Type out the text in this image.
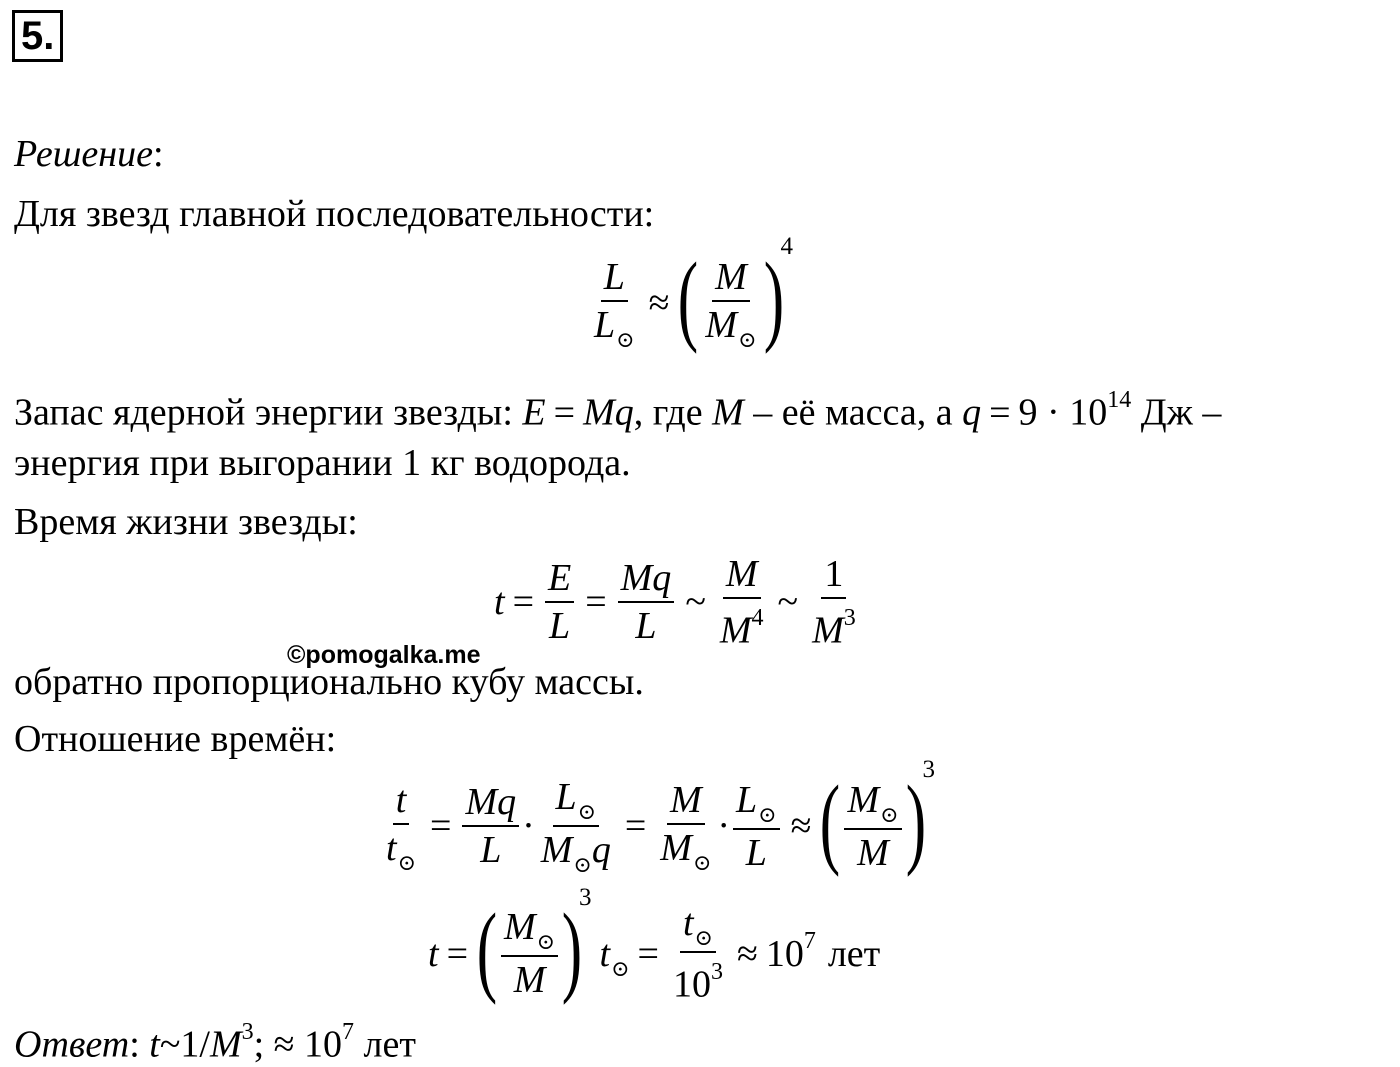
5.
Решение:
Для звезд главной последовательности:
$\frac{L}{L_⊙}$ ≈ ( $\frac{M}{M_⊙}$ )
$^4$
Запас ядерной энергии звезды: E = Mq, где M – её масса, а $q = 9 \cdot 10^{14}$ Дж –
энергия при выгорании 1 кг водорода.
Время жизни звезды:
$t = \frac{E}{L} = \frac{Mq}{L}$ ~ $\frac{M}{M^4}$ ~ $\frac{1}{M^3}$
©pomogalka.me
обратно пропорционально кубу массы.
Отношение времён:
$\frac{t}{t_⊙} = \frac{Mq}{L} \cdot \frac{L_⊙}{M_⊙q} = \frac{M}{M_⊙} \cdot \frac{L_⊙}{L}$ ≈ ( $\frac{M_⊙}{M}$ )
$^3$
t = ( $\frac{M_⊙}{M}$ )
$^3$
$t_⊙ = \frac{t_⊙}{10^3} \approx 10^7$ лет
Ответ: $t\sim 1/M^3$; ≈ $10^7$ лет
